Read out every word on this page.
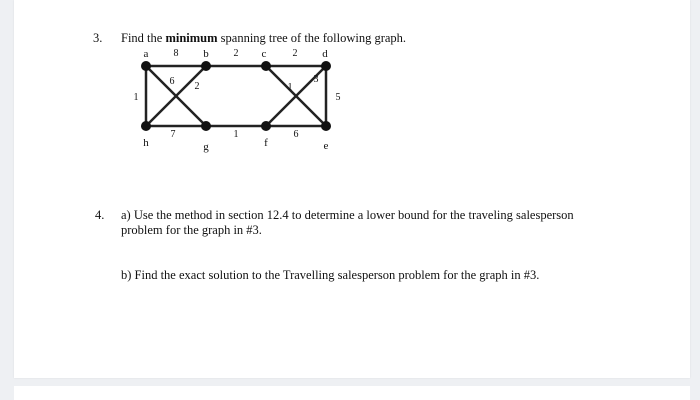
3. Find the minimum spanning tree of the following graph.
8	2	2
1
6 2
7	1
1
3
5
6
a	b	c	d
e
f
g
h
4. a) Use the method in section 12.4 to determine a lower bound for the traveling salesperson problem for the graph in #3.
b) Find the exact solution to the Travelling salesperson problem for the graph in #3.
